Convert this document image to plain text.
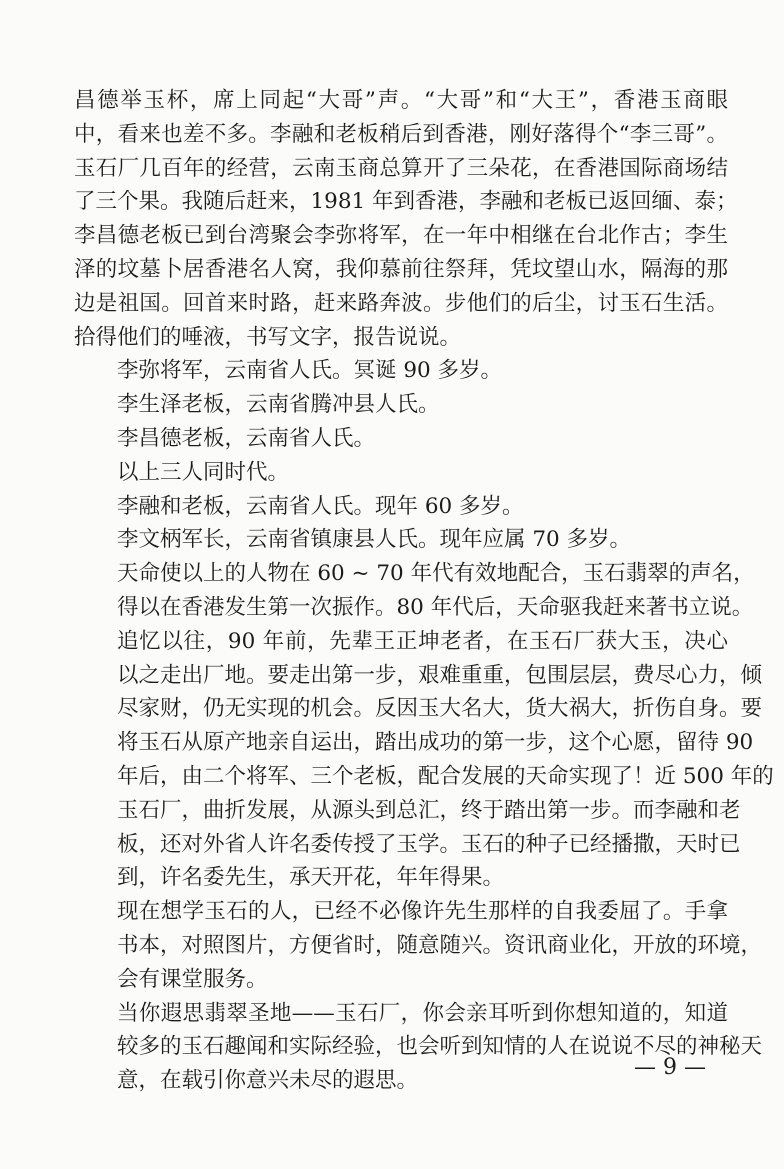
昌德举玉杯，席上同起“大哥”声。“大哥”和“大王”，香港玉商眼
中，看来也差不多。李融和老板稍后到香港，刚好落得个“李三哥”。
玉石厂几百年的经营，云南玉商总算开了三朵花，在香港国际商场结
了三个果。我随后赶来，1981 年到香港，李融和老板已返回缅、泰；
李昌德老板已到台湾聚会李弥将军，在一年中相继在台北作古；李生
泽的坟墓卜居香港名人窝，我仰慕前往祭拜，凭坟望山水，隔海的那
边是祖国。回首来时路，赶来路奔波。步他们的后尘，讨玉石生活。
拾得他们的唾液，书写文字，报告说说。

李弥将军，云南省人氏。冥诞 90 多岁。

李生泽老板，云南省腾冲县人氏。

李昌德老板，云南省人氏。

以上三人同时代。

李融和老板，云南省人氏。现年 60 多岁。

李文柄军长，云南省镇康县人氏。现年应属 70 多岁。

天命使以上的人物在 60 ~ 70 年代有效地配合，玉石翡翠的声名，
得以在香港发生第一次振作。80 年代后，天命驱我赶来著书立说。

追忆以往，90 年前，先辈王正坤老者，在玉石厂获大玉，决心
以之走出厂地。要走出第一步，艰难重重，包围层层，费尽心力，倾
尽家财，仍无实现的机会。反因玉大名大，货大祸大，折伤自身。要
将玉石从原产地亲自运出，踏出成功的第一步，这个心愿，留待 90
年后，由二个将军、三个老板，配合发展的天命实现了！近 500 年的
玉石厂，曲折发展，从源头到总汇，终于踏出第一步。而李融和老
板，还对外省人许名委传授了玉学。玉石的种子已经播撒，天时已
到，许名委先生，承天开花，年年得果。

现在想学玉石的人，已经不必像许先生那样的自我委屈了。手拿
书本，对照图片，方便省时，随意随兴。资讯商业化，开放的环境，
会有课堂服务。

当你遐思翡翠圣地——玉石厂，你会亲耳听到你想知道的，知道
较多的玉石趣闻和实际经验，也会听到知情的人在说说不尽的神秘天
意，在载引你意兴未尽的遐思。

— 9 —
